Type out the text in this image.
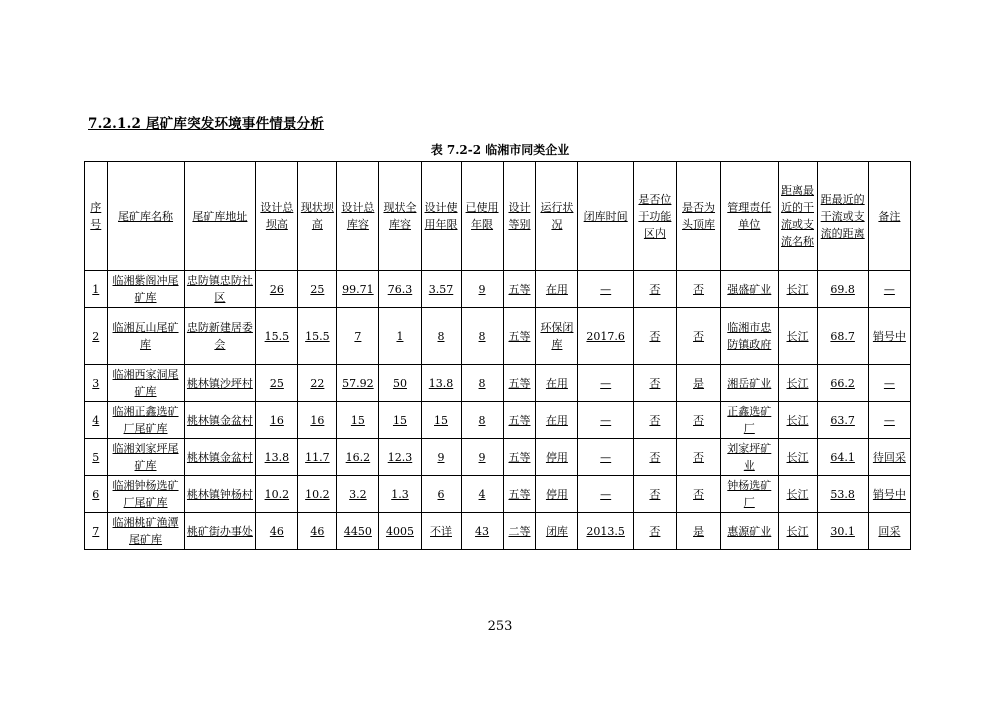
7.2.1.2 尾矿库突发环境事件情景分析
表 7.2-2 临湘市同类企业
序号	尾矿库名称	尾矿库地址	设计总坝高	现状坝高	设计总库容	现状全库容	设计使用年限	已使用年限	设计等别	运行状况	闭库时间	是否位于功能区内	是否为头顶库	管理责任单位	距离最近的干流或支流名称	距最近的干流或支流的距离	备注
1	临湘紫阁冲尾矿库	忠防镇忠防社区	26	25	99.71	76.3	3.57	9	五等	在用	—	否	否	强盛矿业	长江	69.8	—
2	临湘瓦山尾矿库	忠防新建居委会	15.5	15.5	7	1	8	8	五等	环保闭库	2017.6	否	否	临湘市忠防镇政府	长江	68.7	销号中
3	临湘西家洞尾矿库	桃林镇沙坪村	25	22	57.92	50	13.8	8	五等	在用	—	否	是	湘岳矿业	长江	66.2	—
4	临湘正鑫选矿厂尾矿库	桃林镇金盆村	16	16	15	15	15	8	五等	在用	—	否	否	正鑫选矿厂	长江	63.7	—
5	临湘刘家坪尾矿库	桃林镇金盆村	13.8	11.7	16.2	12.3	9	9	五等	停用	—	否	否	刘家坪矿业	长江	64.1	待回采
6	临湘钟杨选矿厂尾矿库	桃林镇钟杨村	10.2	10.2	3.2	1.3	6	4	五等	停用	—	否	否	钟杨选矿厂	长江	53.8	销号中
7	临湘桃矿渔潭尾矿库	桃矿街办事处	46	46	4450	4005	不详	43	二等	闭库	2013.5	否	是	惠源矿业	长江	30.1	回采
253
